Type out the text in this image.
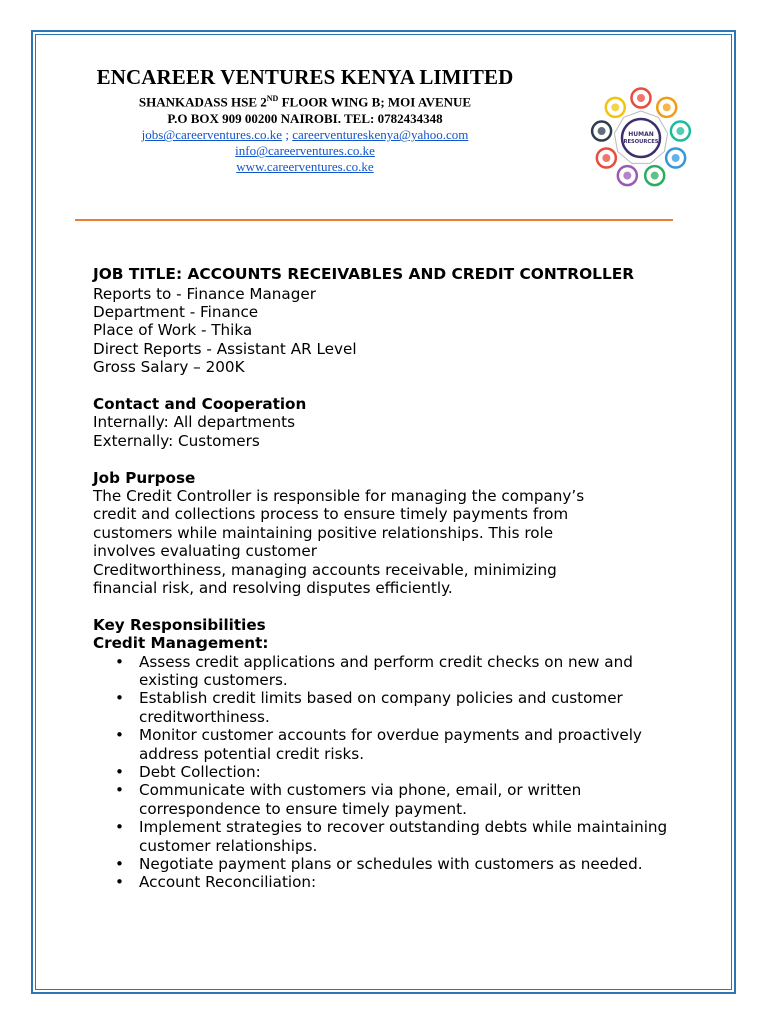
ENCAREER VENTURES KENYA LIMITED

SHANKADASS HSE 2ND FLOOR WING B; MOI AVENUE

P.O BOX 909 00200 NAIROBI. TEL: 0782434348

jobs@careerventures.co.ke ; careerventureskenya@yahoo.com

info@careerventures.co.ke

www.careerventures.co.ke

HUMAN
RESOURCES

JOB TITLE: ACCOUNTS RECEIVABLES AND CREDIT CONTROLLER

Reports to - Finance Manager

Department - Finance

Place of Work - Thika

Direct Reports - Assistant AR Level

Gross Salary – 200K

Contact and Cooperation

Internally: All departments

Externally: Customers

Job Purpose

The Credit Controller is responsible for managing the company’s

credit and collections process to ensure timely payments from

customers while maintaining positive relationships. This role

involves evaluating customer

Creditworthiness, managing accounts receivable, minimizing

financial risk, and resolving disputes efficiently.

Key Responsibilities

Credit Management:

• Assess credit applications and perform credit checks on new and existing customers.
• Establish credit limits based on company policies and customer creditworthiness.
• Monitor customer accounts for overdue payments and proactively address potential credit risks.
• Debt Collection:
• Communicate with customers via phone, email, or written correspondence to ensure timely payment.
• Implement strategies to recover outstanding debts while maintaining customer relationships.
• Negotiate payment plans or schedules with customers as needed.
• Account Reconciliation:
